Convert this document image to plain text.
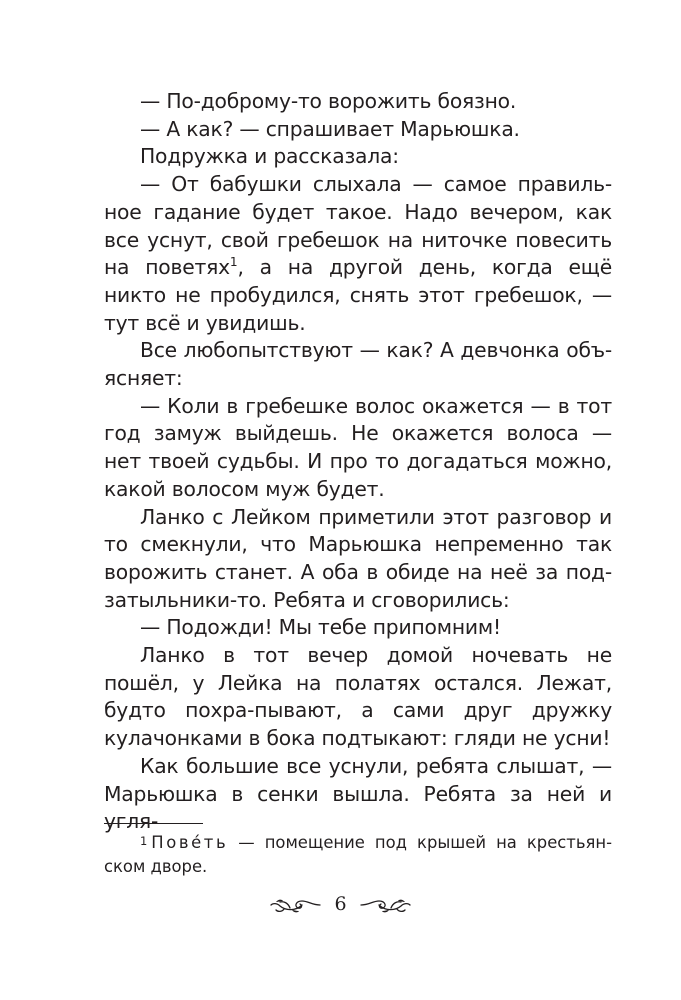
— По-доброму-то ворожить боязно.

— А как? — спрашивает Марьюшка.

Подружка и рассказала:

— От бабушки слыхала — самое правиль- ное гадание будет такое. Надо вечером, как все уснут, свой гребешок на ниточке повесить на поветях$^1$, а на другой день, когда ещё никто не пробудился, снять этот гребешок, — тут всё и увидишь.

Все любопытствуют — как? А девчонка объ-ясняет:

— Коли в гребешке волос окажется — в тот год замуж выйдешь. Не окажется волоса — нет твоей судьбы. И про то догадаться можно, какой волосом муж будет.

Ланко с Лейком приметили этот разговор и то смекнули, что Марьюшка непременно так ворожить станет. А оба в обиде на неё за под-затыльники-то. Ребята и сговорились:

— Подожди! Мы тебе припомним!

Ланко в тот вечер домой ночевать не пошёл, у Лейка на полатях остался. Лежат, будто похра-пывают, а сами друг дружку кулачонками в бока подтыкают: гляди не усни!

Как большие все уснули, ребята слышат, — Марьюшка в сенки вышла. Ребята за ней и угля-

1 Пове́ть — помещение под крышей на крестьян-ском дворе.

6
